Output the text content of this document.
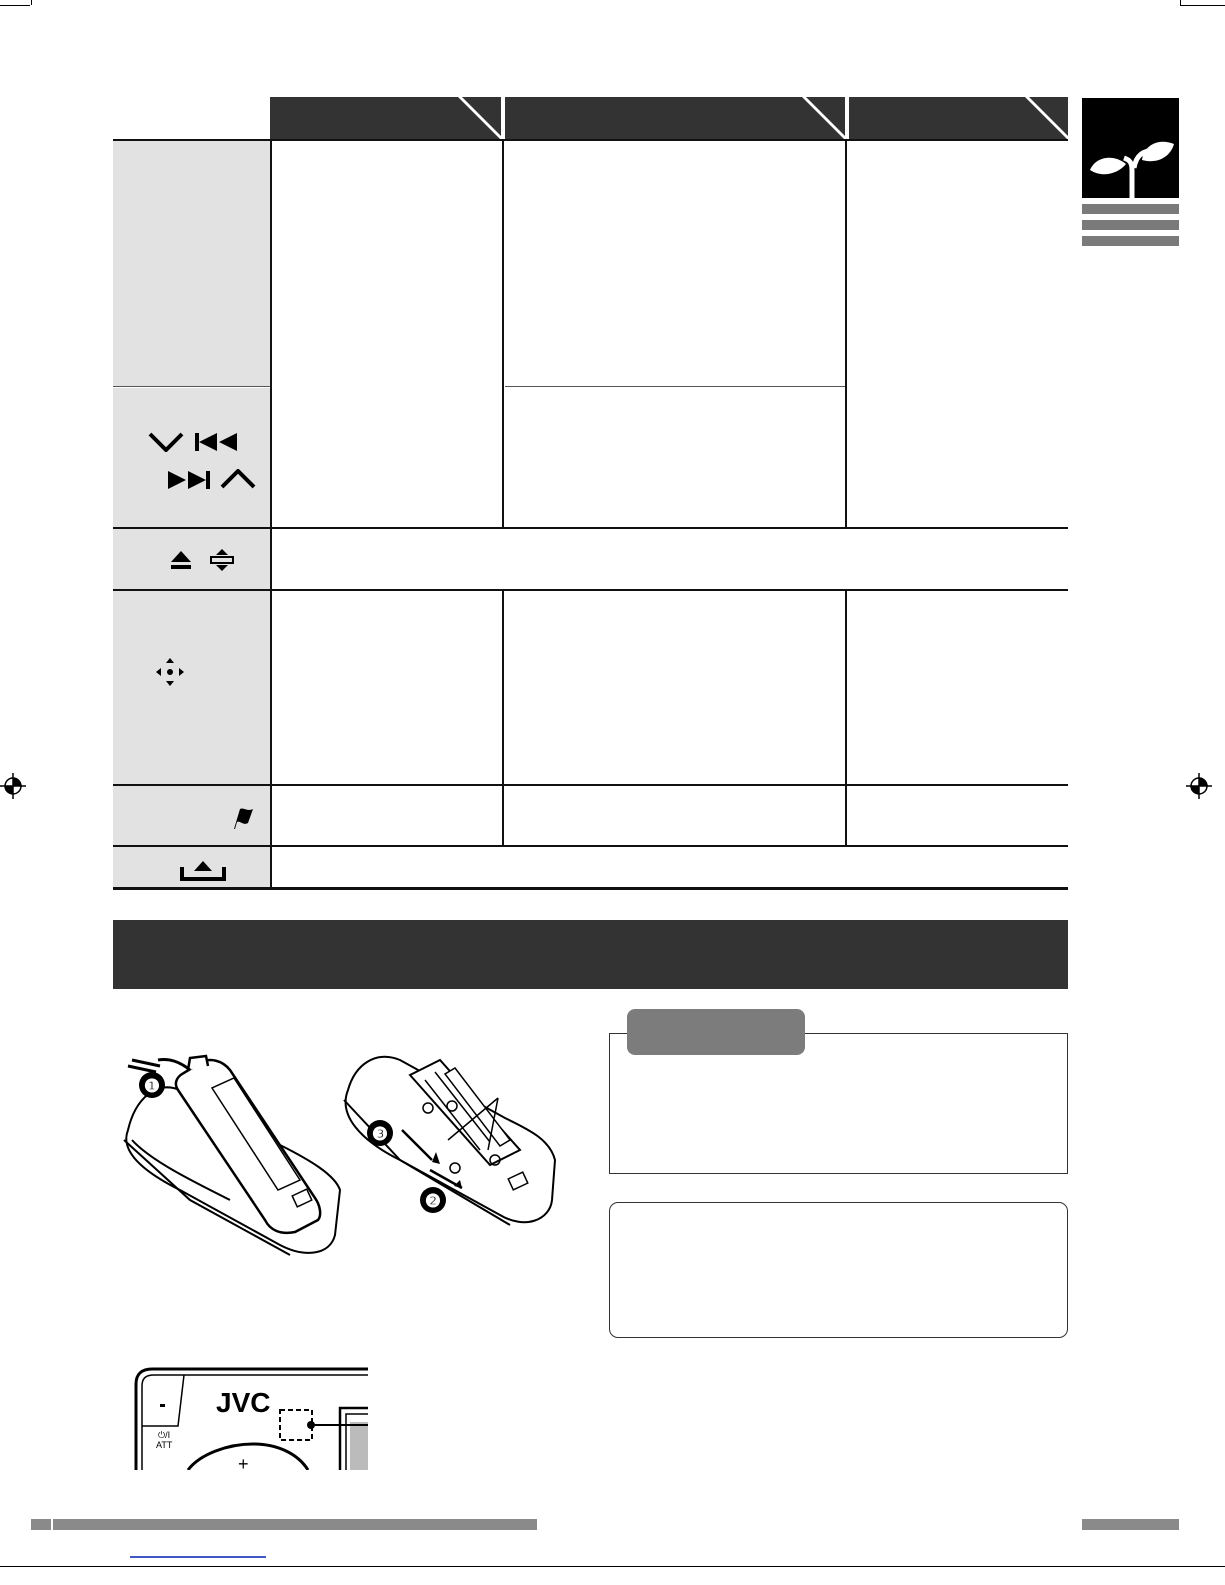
❶
❸
❷
JVC
⏻/I
ATT
+
